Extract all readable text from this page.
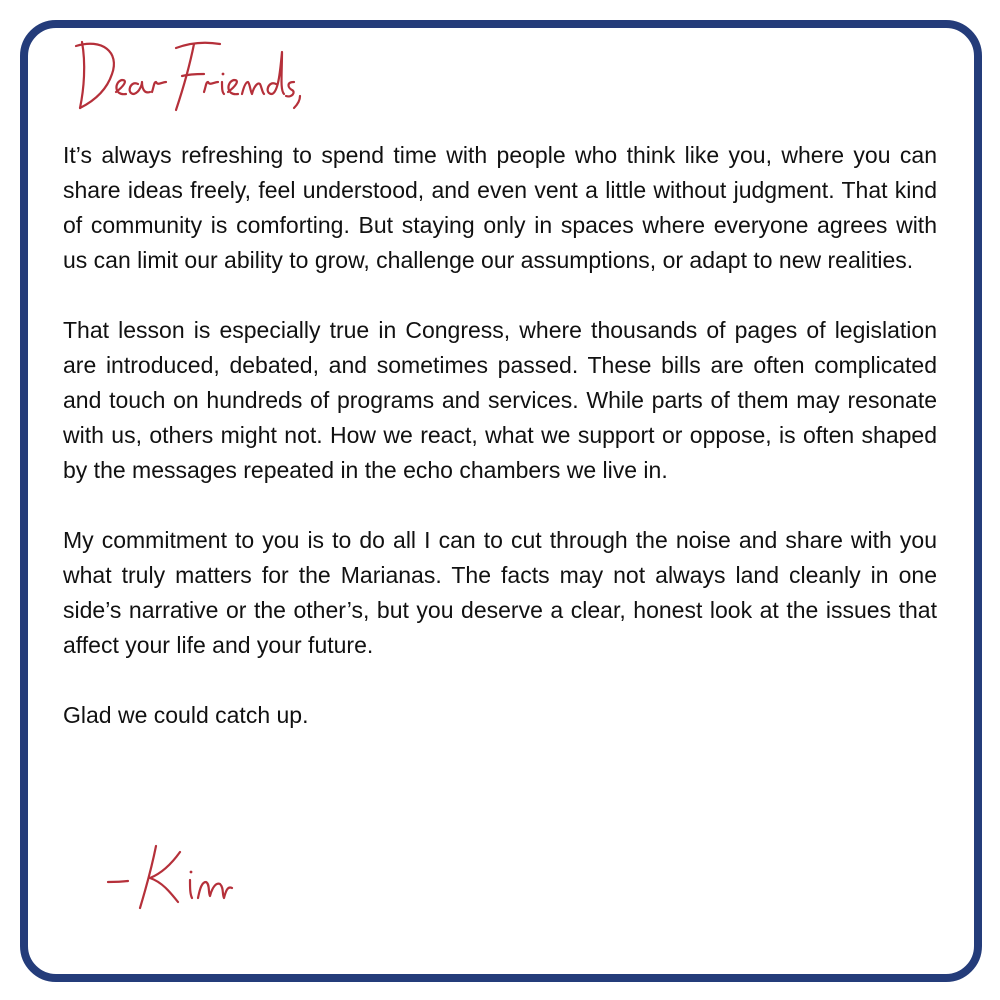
It’s always refreshing to spend time with people who think like you, where you can share ideas freely, feel understood, and even vent a little without judgment. That kind of community is comforting. But staying only in spaces where everyone agrees with us can limit our ability to grow, challenge our assumptions, or adapt to new realities.

That lesson is especially true in Congress, where thousands of pages of legislation are introduced, debated, and sometimes passed. These bills are often complicated and touch on hundreds of programs and services. While parts of them may resonate with us, others might not. How we react, what we support or oppose, is often shaped by the messages repeated in the echo chambers we live in.

My commitment to you is to do all I can to cut through the noise and share with you what truly matters for the Marianas. The facts may not always land cleanly in one side’s narrative or the other’s, but you deserve a clear, honest look at the issues that affect your life and your future.

Glad we could catch up.
